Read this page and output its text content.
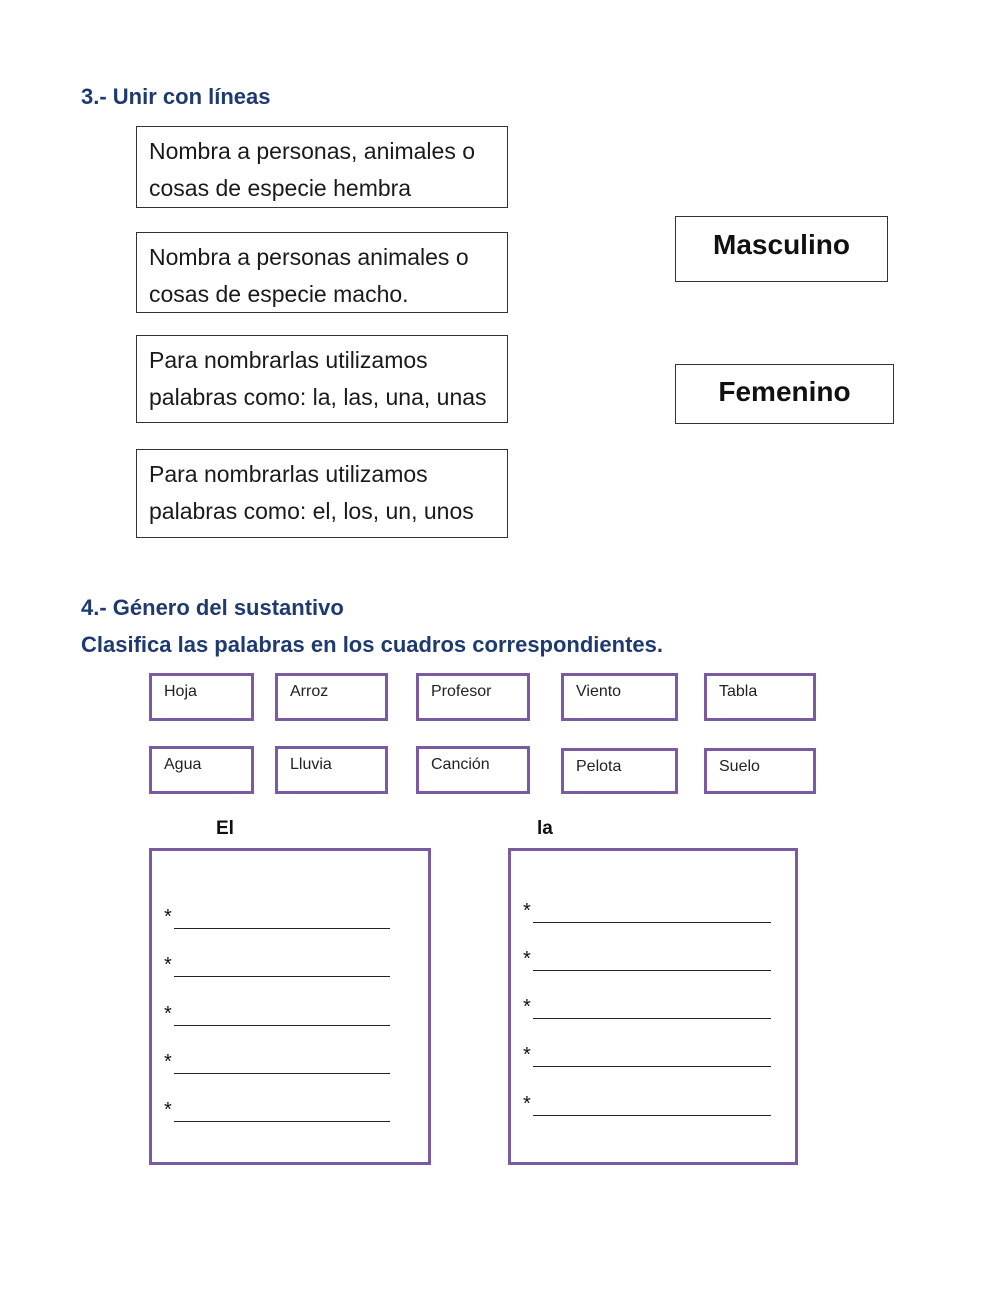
3.- Unir con líneas
Nombra a personas, animales o
cosas de especie hembra
Nombra a personas animales o
cosas de especie macho.
Para nombrarlas utilizamos
palabras como: la, las, una, unas
Para nombrarlas utilizamos
palabras como: el, los, un, unos
Masculino
Femenino
4.- Género del sustantivo
Clasifica las palabras en los cuadros correspondientes.
Hoja	Arroz	Profesor	Viento	Tabla
Agua	Lluvia	Canción	Pelota	Suelo
El	la
*
*
*
*
*
*
*
*
*
*
